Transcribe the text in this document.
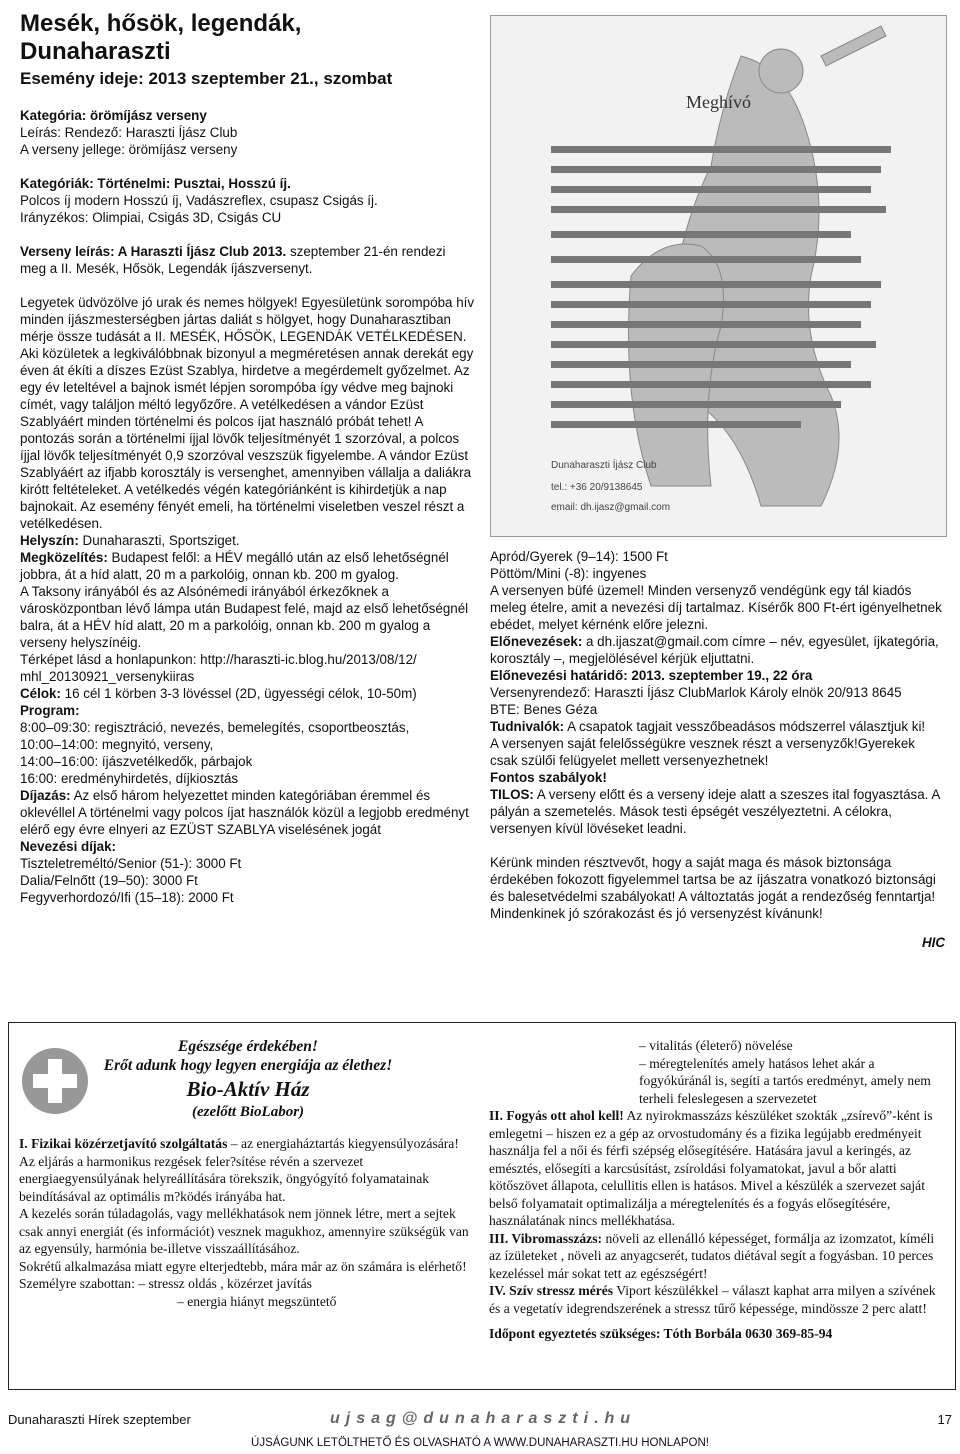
Mesék, hősök, legendák,

Dunaharaszti

Esemény ideje: 2013 szeptember 21., szombat

Kategória: örömíjász verseny

Leírás: Rendező: Haraszti Íjász Club

A verseny jellege: örömíjász verseny

Kategóriák: Történelmi: Pusztai, Hosszú íj.

Polcos íj modern Hosszú íj, Vadászreflex, csupasz Csigás íj.

Irányzékos: Olimpiai, Csigás 3D, Csigás CU

Verseny leírás: A Haraszti Íjász Club 2013. szeptember 21-én rendezi meg a II. Mesék, Hősök, Legendák íjászversenyt.

Legyetek üdvözölve jó urak és nemes hölgyek! Egyesületünk sorompóba hív minden íjászmesterségben jártas daliát s hölgyet, hogy Dunaharasztiban mérje össze tudását a II. MESÉK, HŐSÖK, LEGENDÁK VETÉLKEDÉSEN.

Aki közületek a legkiválóbbnak bizonyul a megméretésen annak derekát egy éven át ékíti a díszes Ezüst Szablya, hirdetve a megérdemelt győzelmet. Az egy év leteltével a bajnok ismét lépjen sorompóba így védve meg bajnoki címét, vagy találjon méltó legyőzőre. A vetélkedésen a vándor Ezüst Szablyáért minden történelmi és polcos íjat használó próbát tehet! A pontozás során a történelmi íjjal lövők teljesítményét 1 szorzóval, a polcos íjjal lövők teljesítményét 0,9 szorzóval veszszük figyelembe. A vándor Ezüst Szablyáért az ifjabb korosztály is versenghet, amennyiben vállalja a daliákra kirótt feltételeket. A vetélkedés végén kategóriánként is kihirdetjük a nap bajnokait. Az esemény fényét emeli, ha történelmi viseletben veszel részt a vetélkedésen.

Helyszín: Dunaharaszti, Sportsziget.

Megközelítés: Budapest felől: a HÉV megálló után az első lehetőségnél jobbra, át a híd alatt, 20 m a parkolóig, onnan kb. 200 m gyalog.

A Taksony irányából és az Alsónémedi irányából érkezőknek a városközpontban lévő lámpa után Budapest felé, majd az első lehetőségnél balra, át a HÉV híd alatt, 20 m a parkolóig, onnan kb. 200 m gyalog a verseny helyszínéig.

Térképet lásd a honlapunkon: http://haraszti-ic.blog.hu/2013/08/12/ mhl_20130921_versenykiiras

Célok: 16 cél 1 körben 3-3 lövéssel (2D, ügyességi célok, 10-50m)

Program:

8:00–09:30: regisztráció, nevezés, bemelegítés, csoportbeosztás,

10:00–14:00: megnyitó, verseny,

14:00–16:00: íjászvetélkedők, párbajok

16:00: eredményhirdetés, díjkiosztás

Díjazás: Az első három helyezettet minden kategóriában éremmel és oklevéllel A történelmi vagy polcos íjat használók közül a legjobb eredményt elérő egy évre elnyeri az EZÜST SZABLYA viselésének jogát

Nevezési díjak:

Tiszteletreméltó/Senior (51-): 3000 Ft

Dalia/Felnőtt (19–50): 3000 Ft

Fegyverhordozó/Ifi (15–18): 2000 Ft

Meghívó
Dunaharaszti Íjász Club
tel.: +36 20/9138645
email: dh.ijasz@gmail.com

Apród/Gyerek (9–14): 1500 Ft

Pöttöm/Mini (-8): ingyenes

A versenyen büfé üzemel! Minden versenyző vendégünk egy tál kiadós meleg ételre, amit a nevezési díj tartalmaz. Kísérők 800 Ft-ért igényelhetnek ebédet, melyet kérnénk előre jelezni.

Előnevezések: a dh.ijaszat@gmail.com címre – név, egyesület, íjkategória, korosztály –, megjelölésével kérjük eljuttatni.

Előnevezési határidő: 2013. szeptember 19., 22 óra

Versenyrendező: Haraszti Íjász ClubMarlok Károly elnök 20/913 8645

BTE: Benes Géza

Tudnivalók: A csapatok tagjait vesszőbeadásos módszerrel választjuk ki!

A versenyen saját felelősségükre vesznek részt a versenyzők!Gyerekek csak szülői felügyelet mellett versenyezhetnek!

Fontos szabályok!

TILOS: A verseny előtt és a verseny ideje alatt a szeszes ital fogyasztása. A pályán a szemetelés. Mások testi épségét veszélyeztetni. A célokra, versenyen kívül lövéseket leadni.

Kérünk minden résztvevőt, hogy a saját maga és mások biztonsága érdekében fokozott figyelemmel tartsa be az íjászatra vonatkozó biztonsági és balesetvédelmi szabályokat! A változtatás jogát a rendezőség fenntartja! Mindenkinek jó szórakozást és jó versenyzést kívánunk!

HIC

Egészsége érdekében!

Erőt adunk hogy legyen energiája az élethez!

Bio-Aktív Ház

(ezelőtt BioLabor)

I. Fizikai közérzetjavító szolgáltatás – az energiaháztartás kiegyensúlyozására!

Az eljárás a harmonikus rezgések feler?sítése révén a szervezet energiaegyensúlyának helyreállítására törekszik, öngyógyító folyamatainak beindításával az optimális m?ködés irányába hat.

A kezelés során túladagolás, vagy mellékhatások nem jönnek létre, mert a sejtek csak annyi energiát (és információt) vesznek magukhoz, amennyire szükségük van az egyensúly, harmónia be-illetve visszaállításához.

Sokrétű alkalmazása miatt egyre elterjedtebb, mára már az ön számára is elérhető!

Személyre szabottan: – stressz oldás , közérzet javítás

– energia hiányt megszüntető

– vitalitás (életerő) növelése

– méregtelenítés amely hatásos lehet akár a fogyókúránál is, segíti a tartós eredményt, amely nem terheli feleslegesen a szervezetet

II. Fogyás ott ahol kell! Az nyirokmasszázs készüléket szokták „zsírevő”-ként is emlegetni – hiszen ez a gép az orvostudomány és a fizika legújabb eredményeit használja fel a női és férfi szépség elősegítésére. Hatására javul a keringés, az emésztés, elősegíti a karcsúsítást, zsíroldási folyamatokat, javul a bőr alatti kötőszövet állapota, celullitis ellen is hatásos. Mivel a készülék a szervezet saját belső folyamatait optimalizálja a méregtelenítés és a fogyás elősegítésére, használatának nincs mellékhatása.

III. Vibromasszázs: növeli az ellenálló képességet, formálja az izomzatot, kíméli az ízületeket , növeli az anyagcserét, tudatos diétával segít a fogyásban. 10 perces kezeléssel már sokat tett az egészségért!

IV. Szív stressz mérés Viport készülékkel – választ kaphat arra milyen a szívének és a vegetatív idegrendszerének a stressz tűrő képessége, mindössze 2 perc alatt!

Időpont egyeztetés szükséges: Tóth Borbála 0630 369-85-94

Dunaharaszti Hírek szeptember	ujsag@dunaharaszti.hu	17
ÚJSÁGUNK LETÖLTHETŐ ÉS OLVASHATÓ A WWW.DUNAHARASZTI.HU HONLAPON!
